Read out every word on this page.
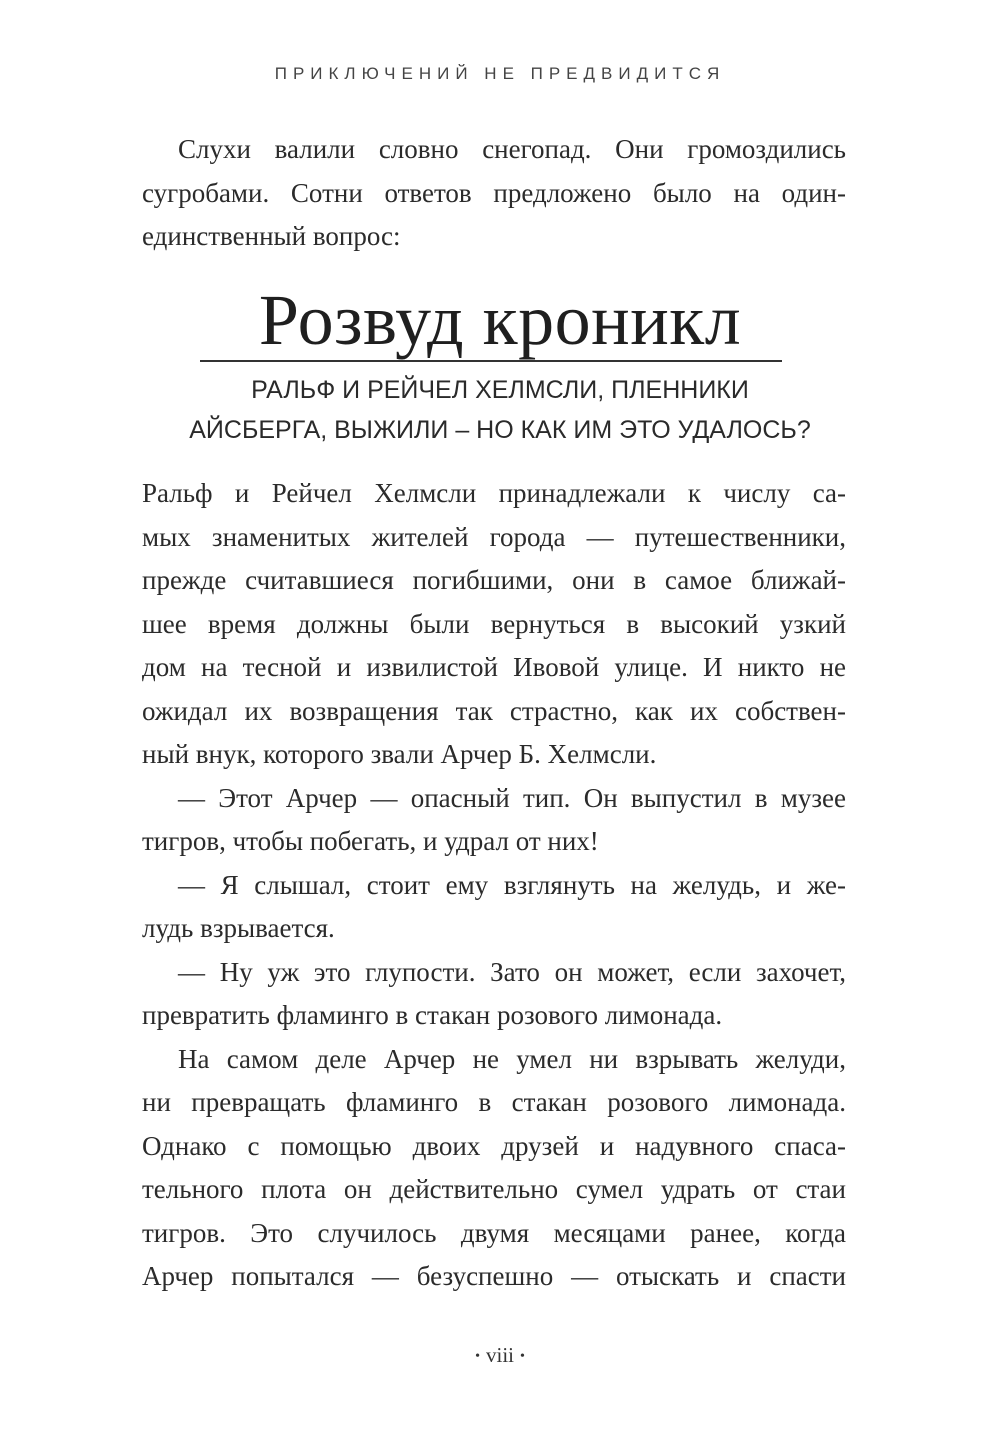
ПРИКЛЮЧЕНИЙ НЕ ПРЕДВИДИТСЯ
Слухи валили словно снегопад. Они громоздились
сугробами. Сотни ответов предложено было на один-
единственный вопрос:
Розвуд кроникл
РАЛЬФ И РЕЙЧЕЛ ХЕЛМСЛИ, ПЛЕННИКИ
АЙСБЕРГА, ВЫЖИЛИ – НО КАК ИМ ЭТО УДАЛОСЬ?
Ральф и Рейчел Хелмсли принадлежали к числу са-
мых знаменитых жителей города — путешественники,
прежде считавшиеся погибшими, они в самое ближай-
шее время должны были вернуться в высокий узкий
дом на тесной и извилистой Ивовой улице. И никто не
ожидал их возвращения так страстно, как их собствен-
ный внук, которого звали Арчер Б. Хелмсли.
— Этот Арчер — опасный тип. Он выпустил в музее
тигров, чтобы побегать, и удрал от них!
— Я слышал, стоит ему взглянуть на желудь, и же-
лудь взрывается.
— Ну уж это глупости. Зато он может, если захочет,
превратить фламинго в стакан розового лимонада.
На самом деле Арчер не умел ни взрывать желуди,
ни превращать фламинго в стакан розового лимонада.
Однако с помощью двоих друзей и надувного спаса-
тельного плота он действительно сумел удрать от стаи
тигров. Это случилось двумя месяцами ранее, когда
Арчер попытался — безуспешно — отыскать и спасти
• viii •
